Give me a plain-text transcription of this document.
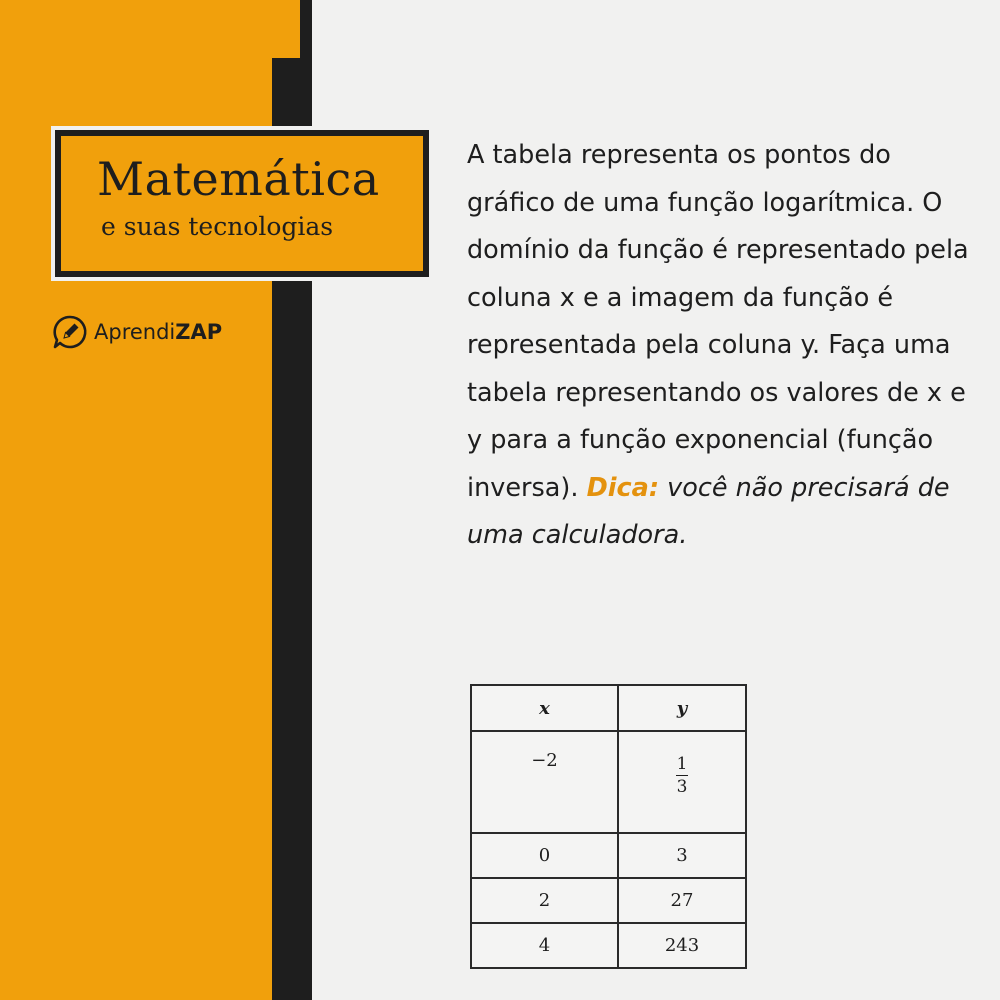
Matemática
e suas tecnologias
AprendiZAP
A tabela representa os pontos do gráfico de uma função logarítmica. O domínio da função é representado pela coluna x e a imagem da função é representada pela coluna y. Faça uma tabela representando os valores de x e y para a função exponencial (função inversa). Dica: você não precisará de uma calculadora.
x	y
−2	$\frac{1}{3}$

0	3
2	27
4	243
